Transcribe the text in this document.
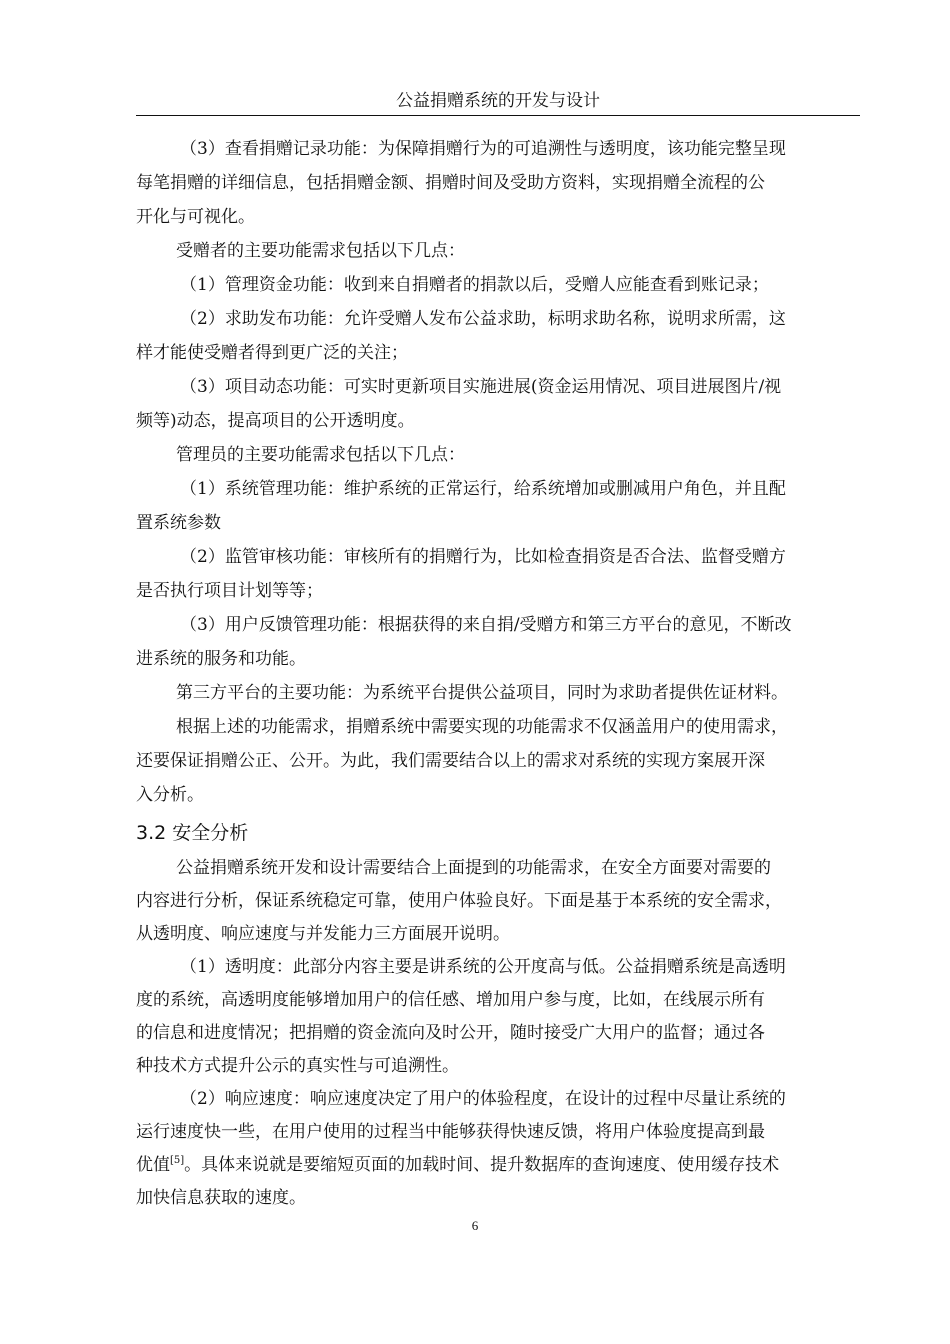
公益捐赠系统的开发与设计

（3）查看捐赠记录功能：为保障捐赠行为的可追溯性与透明度，该功能完整呈现
每笔捐赠的详细信息，包括捐赠金额、捐赠时间及受助方资料，实现捐赠全流程的公
开化与可视化。

受赠者的主要功能需求包括以下几点：

（1）管理资金功能：收到来自捐赠者的捐款以后，受赠人应能查看到账记录；

（2）求助发布功能：允许受赠人发布公益求助，标明求助名称，说明求所需，这
样才能使受赠者得到更广泛的关注；

（3）项目动态功能：可实时更新项目实施进展(资金运用情况、项目进展图片/视
频等)动态，提高项目的公开透明度。

管理员的主要功能需求包括以下几点：

（1）系统管理功能：维护系统的正常运行，给系统增加或删减用户角色，并且配
置系统参数

（2）监管审核功能：审核所有的捐赠行为，比如检查捐资是否合法、监督受赠方
是否执行项目计划等等；

（3）用户反馈管理功能：根据获得的来自捐/受赠方和第三方平台的意见，不断改
进系统的服务和功能。

第三方平台的主要功能：为系统平台提供公益项目，同时为求助者提供佐证材料。

根据上述的功能需求，捐赠系统中需要实现的功能需求不仅涵盖用户的使用需求，
还要保证捐赠公正、公开。为此，我们需要结合以上的需求对系统的实现方案展开深
入分析。

3.2 安全分析

公益捐赠系统开发和设计需要结合上面提到的功能需求，在安全方面要对需要的
内容进行分析，保证系统稳定可靠，使用户体验良好。下面是基于本系统的安全需求，
从透明度、响应速度与并发能力三方面展开说明。

（1）透明度：此部分内容主要是讲系统的公开度高与低。公益捐赠系统是高透明
度的系统，高透明度能够增加用户的信任感、增加用户参与度，比如，在线展示所有
的信息和进度情况；把捐赠的资金流向及时公开，随时接受广大用户的监督；通过各
种技术方式提升公示的真实性与可追溯性。

（2）响应速度：响应速度决定了用户的体验程度，在设计的过程中尽量让系统的
运行速度快一些，在用户使用的过程当中能够获得快速反馈，将用户体验度提高到最
优值[5]。具体来说就是要缩短页面的加载时间、提升数据库的查询速度、使用缓存技术
加快信息获取的速度。

6
